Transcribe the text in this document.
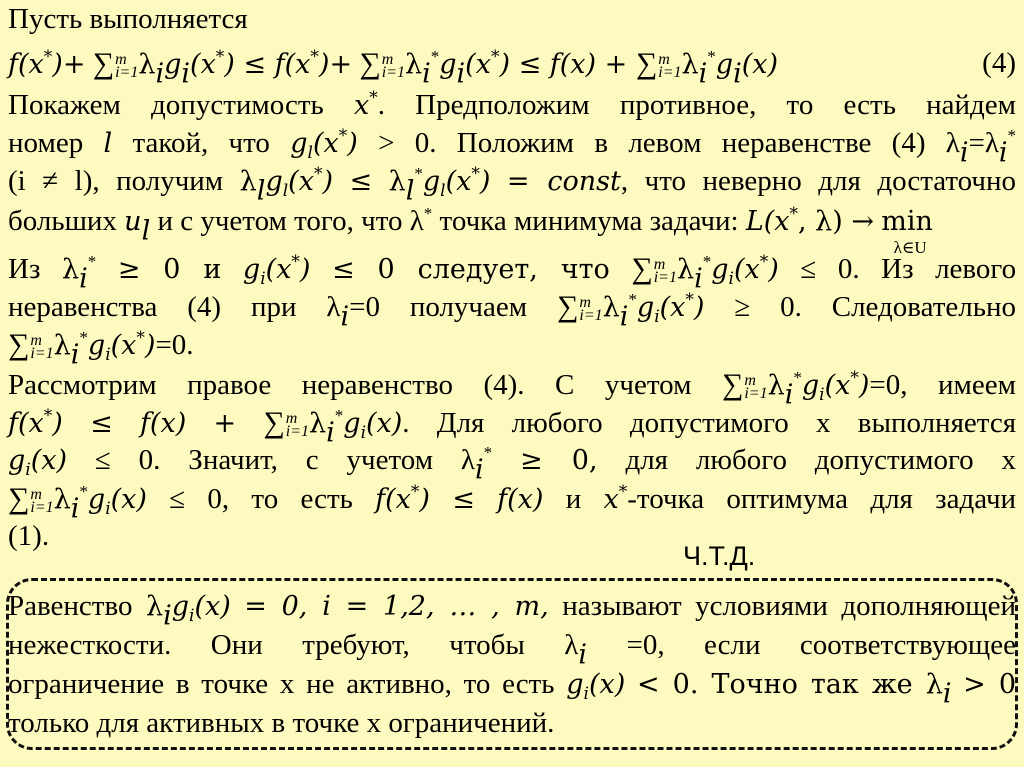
Пусть выполняется
f(x*)+ ∑ m
i=1 $\lambda_ig_i(x^*) \le f(x^*)+$ ∑ m
i=1 $\lambda_i^*g_i(x^*) \le f(x)$ + ∑ m
i=1 $\lambda_i^*g_i(x)$	(4)
Покажем допустимость x*. Предположим противное, то есть найдем
номер l такой, что $g_l(x^*) > 0$. Положим в левом неравенстве (4) $\lambda_i=\lambda_i^*$
(i ≠ l), получим $\lambda_lg_l(x^*) \le \lambda_l^*g_l(x^*)$ = const, что неверно для достаточно
больших $u_l$ и с учетом того, что λ* точка минимума задачи: L(x*, λ) → min
λ∈U
Из $\lambda_i^* \ge 0$ и $g_i(x^*) \le 0$ следует, что ∑ m
i=1 $\lambda_i^*g_i(x^*) \le 0$. Из левого
неравенства (4) при $\lambda_i=0$ получаем ∑ m
i=1 $\lambda_i^*g_i(x^*) \ge 0$. Следовательно
∑ m
i=1 $\lambda_i^*g_i(x^*)=0$.
Рассмотрим правое неравенство (4). С учетом ∑ m
i=1 $\lambda_i^*g_i(x^*)=0$, имеем
f(x*) ≤ f(x) + ∑ m
i=1 $\lambda_i^*g_i(x)$. Для любого допустимого х выполняется
$g_i(x) \le 0$. Значит, с учетом $\lambda_i^* \ge 0$, для любого допустимого х
∑ m
i=1 $\lambda_i^*g_i(x) \le 0$, то есть f(x*) ≤ f(x) и x*-точка оптимума для задачи
(1).
Ч.Т.Д.
Равенство $\lambda_ig_i(x) = 0$, i = 1,2, … , m, называют условиями дополняющей
нежесткости. Они требуют, чтобы $\lambda_i =0$, если соответствующее
ограничение в точке х не активно, то есть $g_i(x) < 0$. Точно так же $\lambda_i > 0$
только для активных в точке х ограничений.
